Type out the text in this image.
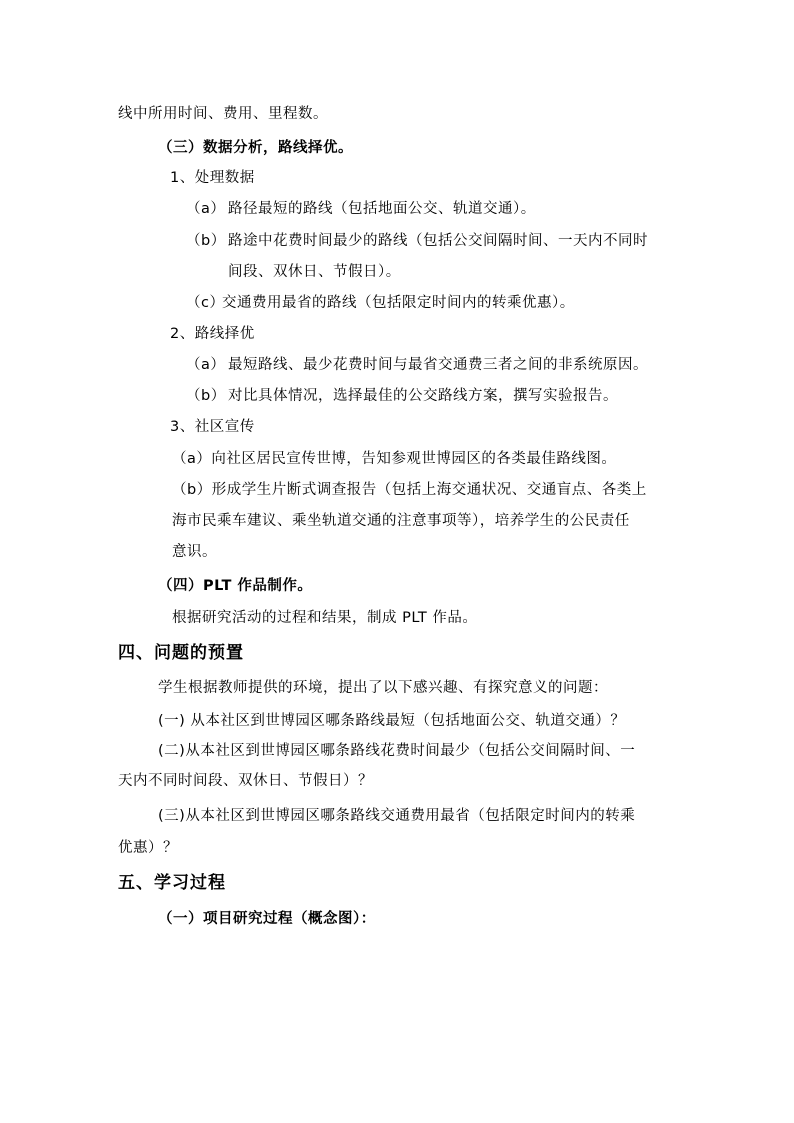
线中所用时间、费用、里程数。
（三）数据分析，路线择优。
1、处理数据
（a） 路径最短的路线（包括地面公交、轨道交通）。
（b） 路途中花费时间最少的路线（包括公交间隔时间、一天内不同时
间段、双休日、节假日）。
（c）
交通费用最省的路线（包括限定时间内的转乘优惠）。
2、路线择优
（a） 最短路线、最少花费时间与最省交通费三者之间的非系统原因。
（b） 对比具体情况，选择最佳的公交路线方案，撰写实验报告。
3、社区宣传
（a）向社区居民宣传世博，告知参观世博园区的各类最佳路线图。
（b）形成学生片断式调查报告（包括上海交通状况、交通盲点、各类上
海市民乘车建议、乘坐轨道交通的注意事项等），培养学生的公民责任
意识。
（四）PLT 作品制作。
根据研究活动的过程和结果，制成 PLT 作品。
四、问题的预置
学生根据教师提供的环境，提出了以下感兴趣、有探究意义的问题：
(一) 从本社区到世博园区哪条路线最短（包括地面公交、轨道交通）？
(二)从本社区到世博园区哪条路线花费时间最少（包括公交间隔时间、一
天内不同时间段、双休日、节假日）？
(三)从本社区到世博园区哪条路线交通费用最省（包括限定时间内的转乘
优惠）？
五、学习过程
（一）项目研究过程（概念图）：
